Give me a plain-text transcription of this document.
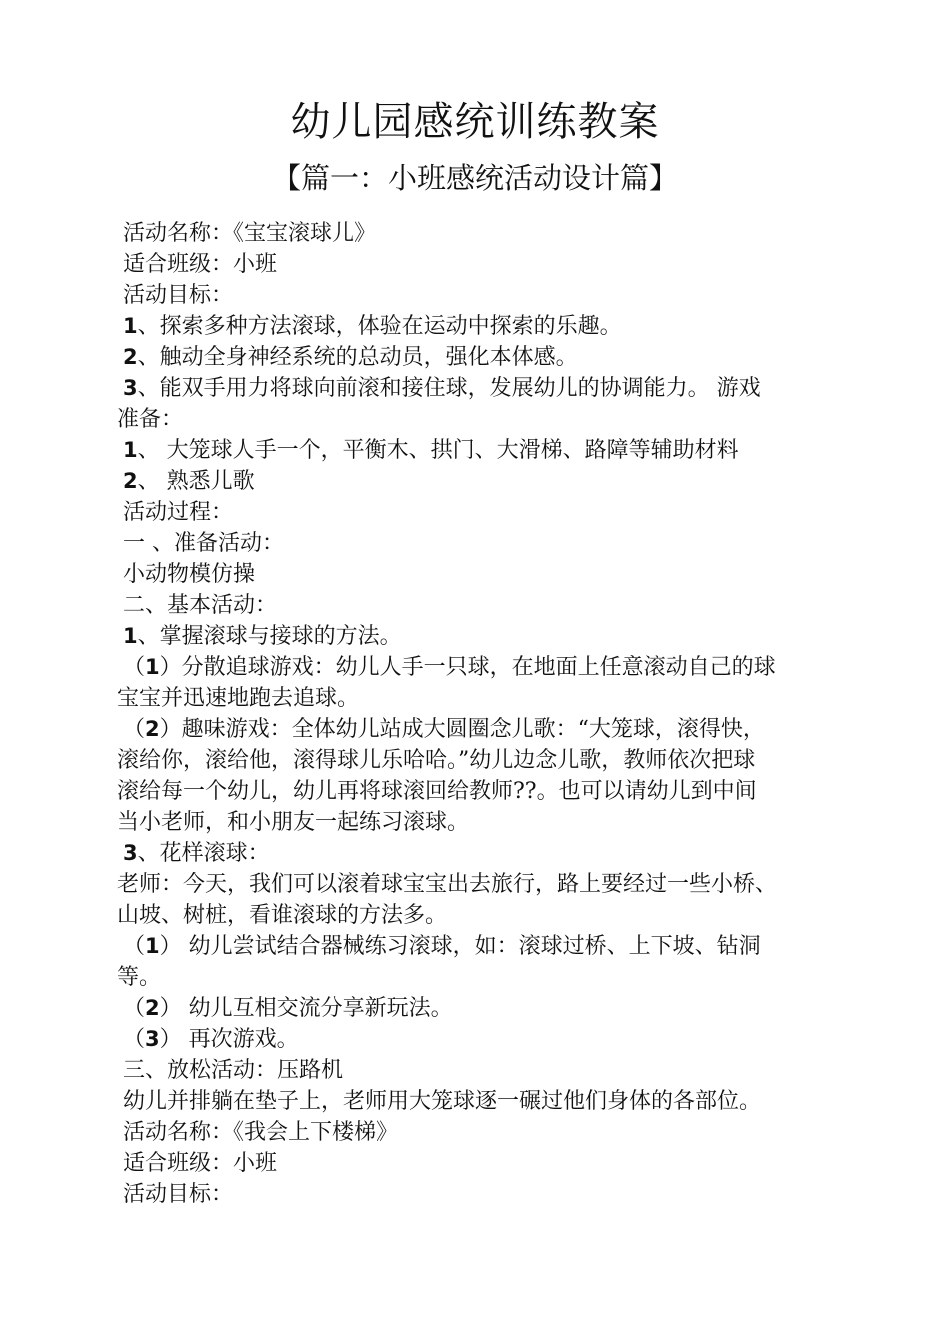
幼儿园感统训练教案
【篇一：小班感统活动设计篇】
活动名称：《宝宝滚球儿》
适合班级：小班
活动目标：
1、探索多种方法滚球，体验在运动中探索的乐趣。
2、触动全身神经系统的总动员，强化本体感。
3、能双手用力将球向前滚和接住球，发展幼儿的协调能力。 游戏
准备：
1、 大笼球人手一个，平衡木、拱门、大滑梯、路障等辅助材料
2、 熟悉儿歌
活动过程：
一 、准备活动：
小动物模仿操
二、基本活动：
1、掌握滚球与接球的方法。
（1）分散追球游戏：幼儿人手一只球，在地面上任意滚动自己的球
宝宝并迅速地跑去追球。
（2）趣味游戏：全体幼儿站成大圆圈念儿歌：“大笼球，滚得快，
滚给你，滚给他，滚得球儿乐哈哈。”幼儿边念儿歌，教师依次把球
滚给每一个幼儿，幼儿再将球滚回给教师??。也可以请幼儿到中间
当小老师，和小朋友一起练习滚球。
3、花样滚球：
老师：今天，我们可以滚着球宝宝出去旅行，路上要经过一些小桥、
山坡、树桩，看谁滚球的方法多。
（1） 幼儿尝试结合器械练习滚球，如：滚球过桥、上下坡、钻洞
等。
（2） 幼儿互相交流分享新玩法。
（3） 再次游戏。
三、放松活动：压路机
幼儿并排躺在垫子上，老师用大笼球逐一碾过他们身体的各部位。
活动名称：《我会上下楼梯》
适合班级：小班
活动目标：
